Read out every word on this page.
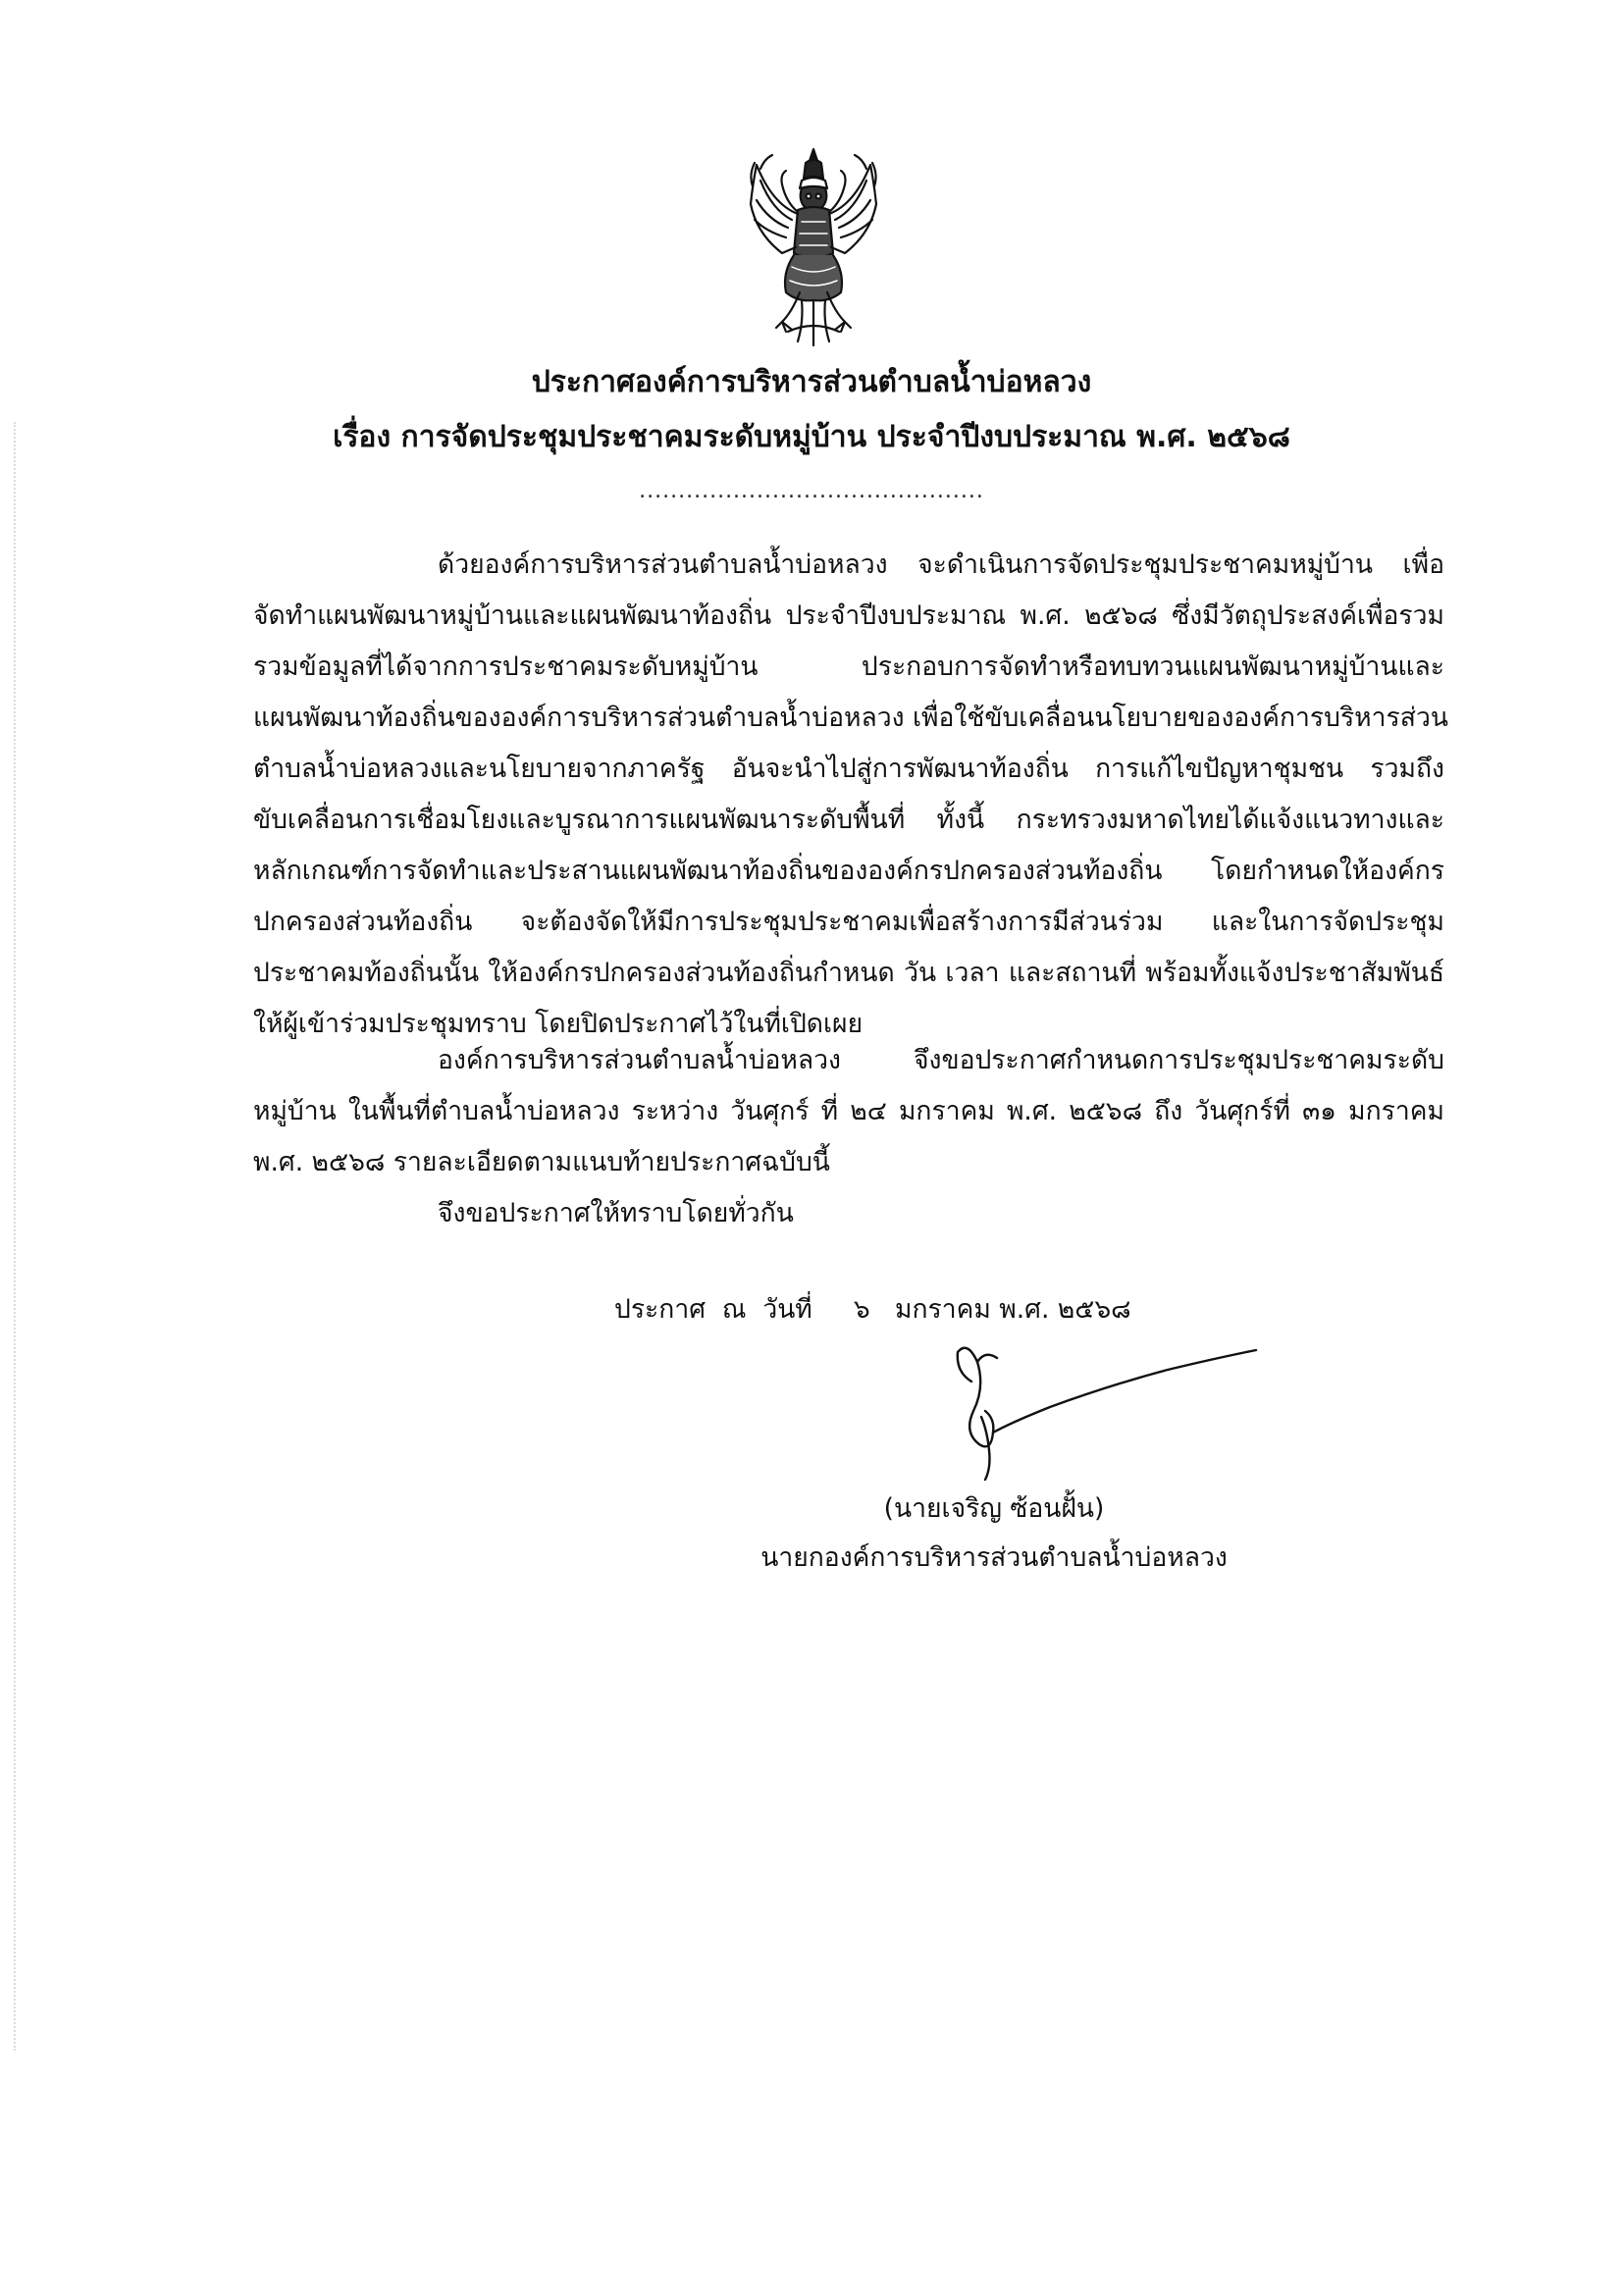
ประกาศองค์การบริหารส่วนตำบลน้ำบ่อหลวง
เรื่อง การจัดประชุมประชาคมระดับหมู่บ้าน ประจำปีงบประมาณ พ.ศ. ๒๕๖๘
............................................
ด้วยองค์การบริหารส่วนตำบลน้ำบ่อหลวง จะดำเนินการจัดประชุมประชาคมหมู่บ้าน เพื่อ
จัดทำแผนพัฒนาหมู่บ้านและแผนพัฒนาท้องถิ่น ประจำปีงบประมาณ พ.ศ. ๒๕๖๘ ซึ่งมีวัตถุประสงค์เพื่อรวม
รวมข้อมูลที่ได้จากการประชาคมระดับหมู่บ้าน ประกอบการจัดทำหรือทบทวนแผนพัฒนาหมู่บ้านและ
แผนพัฒนาท้องถิ่นขององค์การบริหารส่วนตำบลน้ำบ่อหลวง เพื่อใช้ขับเคลื่อนนโยบายขององค์การบริหารส่วน
ตำบลน้ำบ่อหลวงและนโยบายจากภาครัฐ อันจะนำไปสู่การพัฒนาท้องถิ่น การแก้ไขปัญหาชุมชน รวมถึง
ขับเคลื่อนการเชื่อมโยงและบูรณาการแผนพัฒนาระดับพื้นที่ ทั้งนี้ กระทรวงมหาดไทยได้แจ้งแนวทางและ
หลักเกณฑ์การจัดทำและประสานแผนพัฒนาท้องถิ่นขององค์กรปกครองส่วนท้องถิ่น โดยกำหนดให้องค์กร
ปกครองส่วนท้องถิ่น จะต้องจัดให้มีการประชุมประชาคมเพื่อสร้างการมีส่วนร่วม และในการจัดประชุม
ประชาคมท้องถิ่นนั้น ให้องค์กรปกครองส่วนท้องถิ่นกำหนด วัน เวลา และสถานที่ พร้อมทั้งแจ้งประชาสัมพันธ์
ให้ผู้เข้าร่วมประชุมทราบ โดยปิดประกาศไว้ในที่เปิดเผย
องค์การบริหารส่วนตำบลน้ำบ่อหลวง จึงขอประกาศกำหนดการประชุมประชาคมระดับ
หมู่บ้าน ในพื้นที่ตำบลน้ำบ่อหลวง ระหว่าง วันศุกร์ ที่ ๒๔ มกราคม พ.ศ. ๒๕๖๘ ถึง วันศุกร์ที่ ๓๑ มกราคม
พ.ศ. ๒๕๖๘ รายละเอียดตามแนบท้ายประกาศฉบับนี้
จึงขอประกาศให้ทราบโดยทั่วกัน
ประกาศ  ณ  วันที่     ๖   มกราคม พ.ศ. ๒๕๖๘
(นายเจริญ ซ้อนฝั้น)
นายกองค์การบริหารส่วนตำบลน้ำบ่อหลวง
